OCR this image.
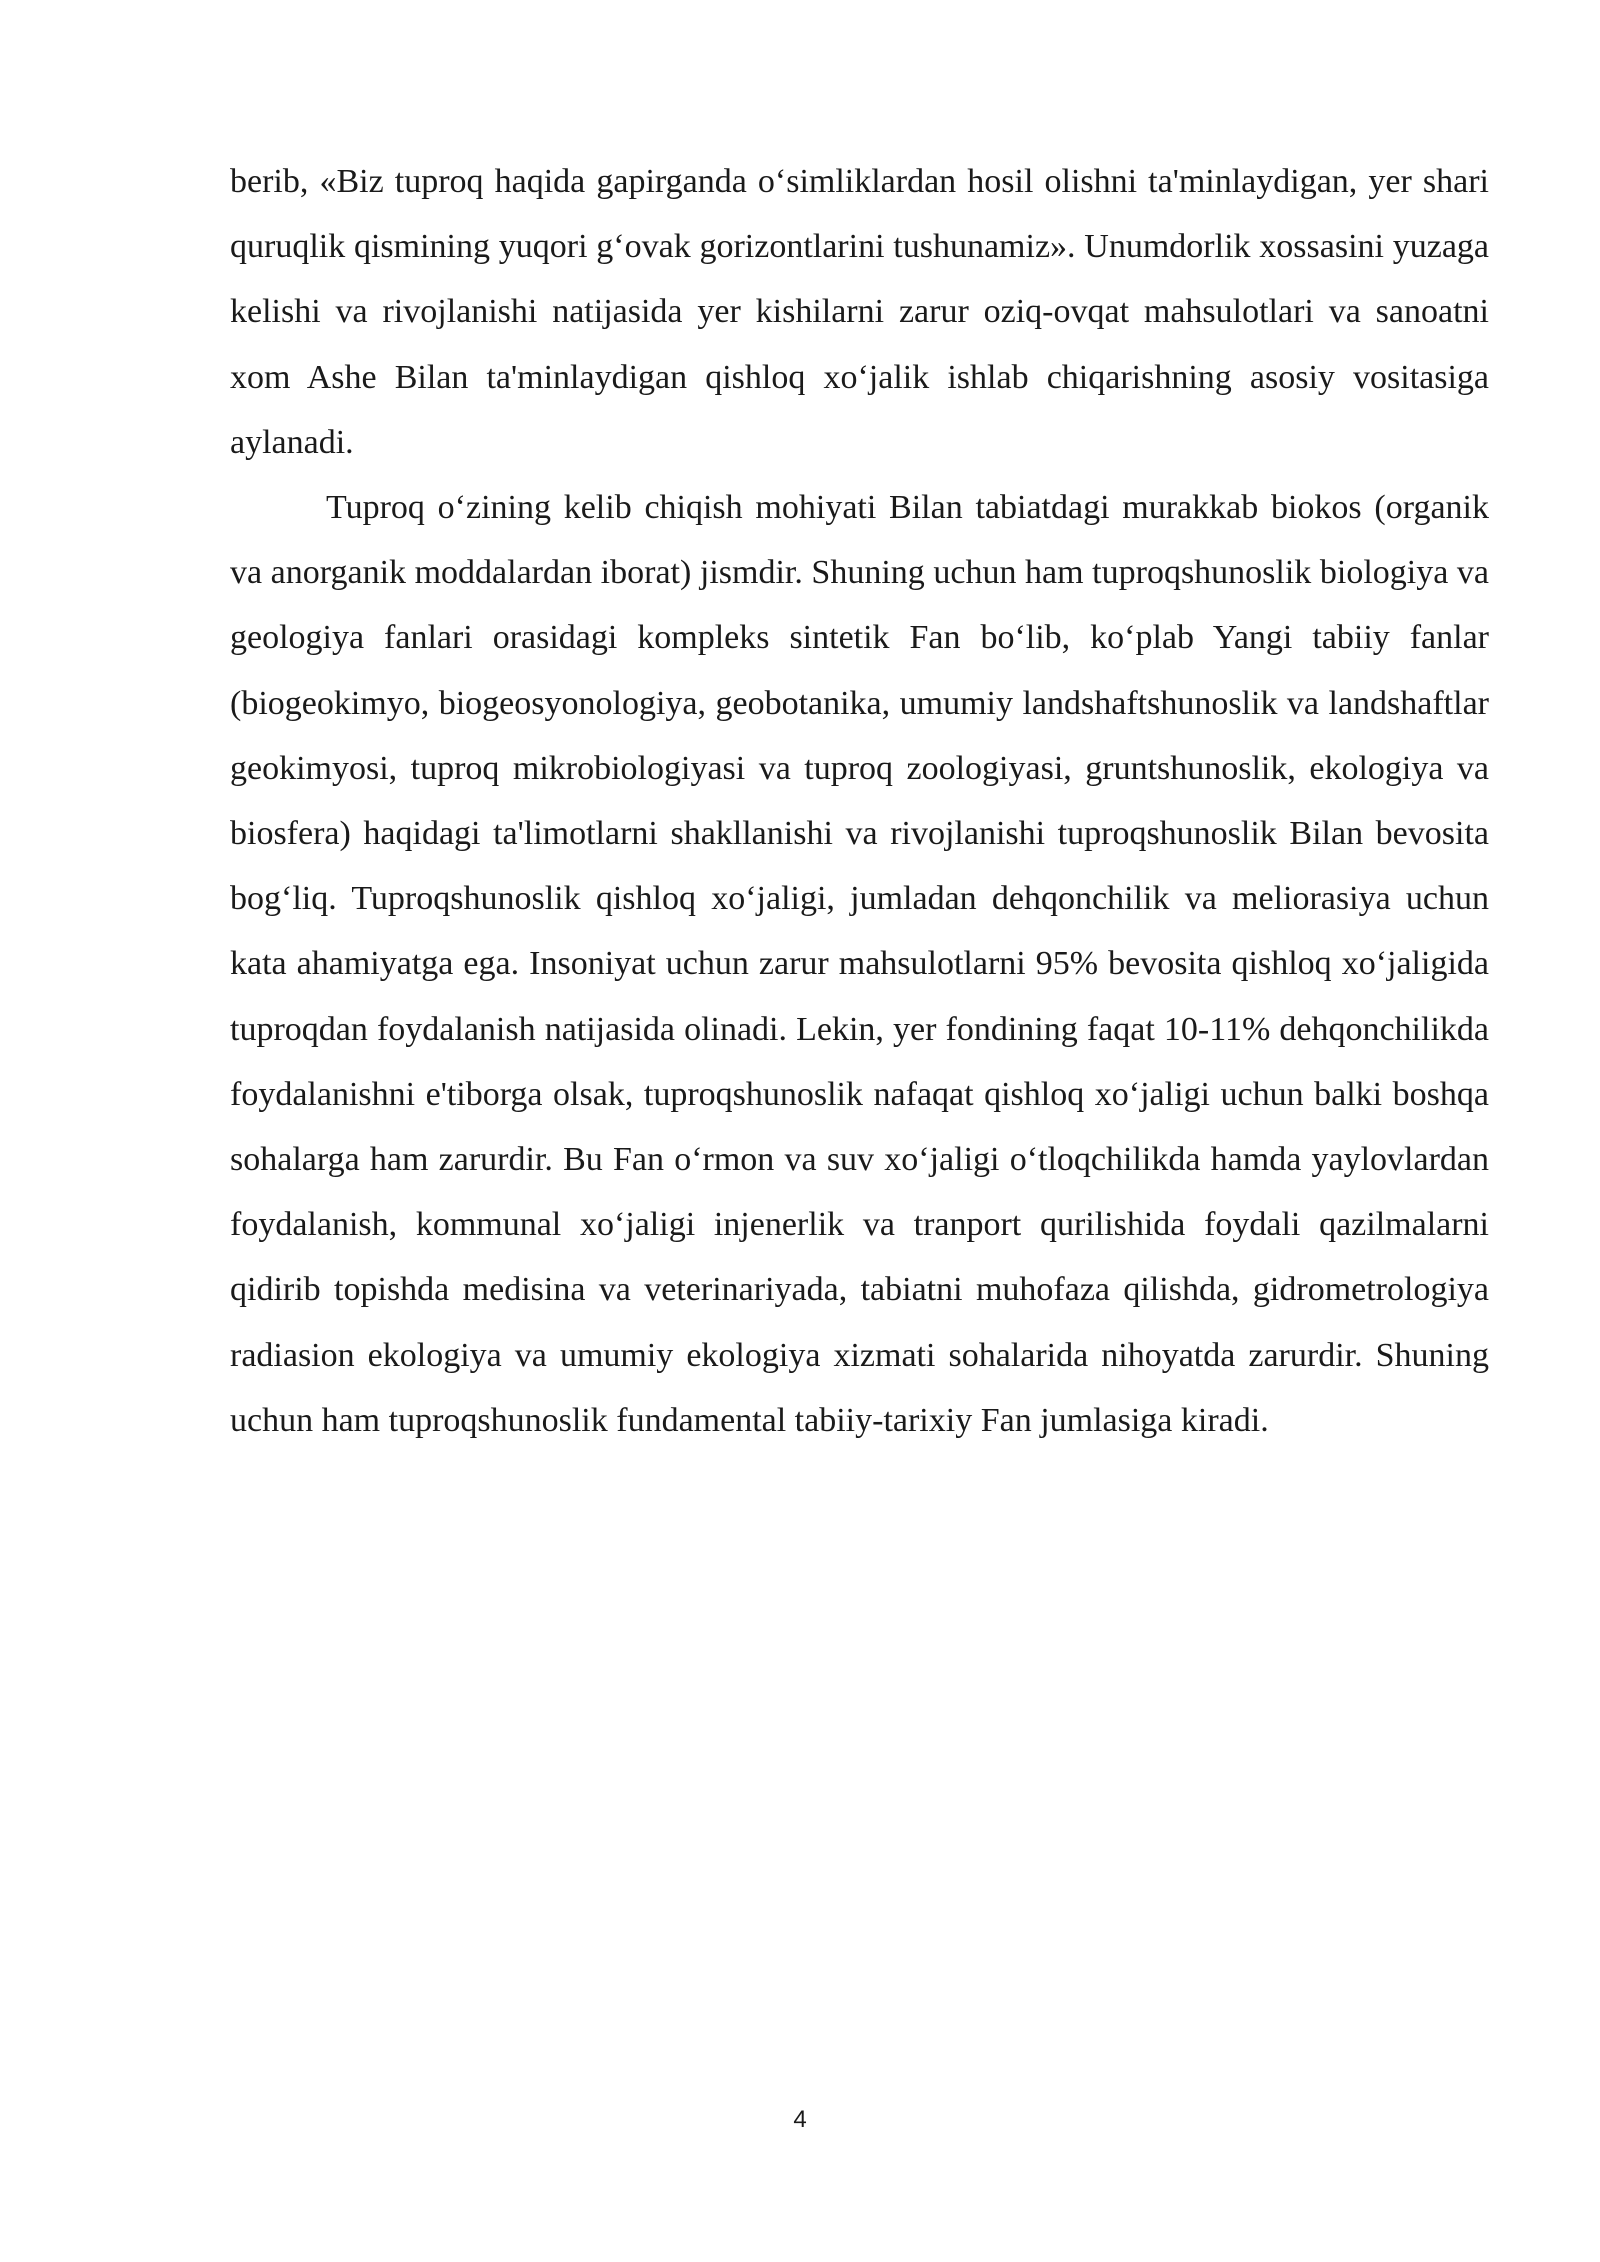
berib, «Biz tuproq haqida gapirganda o‘simliklardan hosil olishni ta'minlaydigan, yer shari quruqlik qismining yuqori g‘ovak gorizontlarini tushunamiz». Unumdorlik xossasini yuzaga kelishi va rivojlanishi natijasida yer kishilarni zarur oziq-ovqat mahsulotlari va sanoatni xom Ashe Bilan ta'minlaydigan qishloq xo‘jalik ishlab chiqarishning asosiy vositasiga aylanadi.

Tuproq o‘zining kelib chiqish mohiyati Bilan tabiatdagi murakkab biokos (organik va anorganik moddalardan iborat) jismdir. Shuning uchun ham tuproqshunoslik biologiya va geologiya fanlari orasidagi kompleks sintetik Fan bo‘lib, ko‘plab Yangi tabiiy fanlar (biogeokimyo, biogeosyonologiya, geobotanika, umumiy landshaftshunoslik va landshaftlar geokimyosi, tuproq mikrobiologiyasi va tuproq zoologiyasi, gruntshunoslik, ekologiya va biosfera) haqidagi ta'limotlarni shakllanishi va rivojlanishi tuproqshunoslik Bilan bevosita bog‘liq. Tuproqshunoslik qishloq xo‘jaligi, jumladan dehqonchilik va meliorasiya uchun kata ahamiyatga ega. Insoniyat uchun zarur mahsulotlarni 95% bevosita qishloq xo‘jaligida tuproqdan foydalanish natijasida olinadi. Lekin, yer fondining faqat 10-11% dehqonchilikda foydalanishni e'tiborga olsak, tuproqshunoslik nafaqat qishloq xo‘jaligi uchun balki boshqa sohalarga ham zarurdir. Bu Fan o‘rmon va suv xo‘jaligi o‘tloqchilikda hamda yaylovlardan foydalanish, kommunal xo‘jaligi injenerlik va tranport qurilishida foydali qazilmalarni qidirib topishda medisina va veterinariyada, tabiatni muhofaza qilishda, gidrometrologiya radiasion ekologiya va umumiy ekologiya xizmati sohalarida nihoyatda zarurdir. Shuning uchun ham tuproqshunoslik fundamental tabiiy-tarixiy Fan jumlasiga kiradi.

4
